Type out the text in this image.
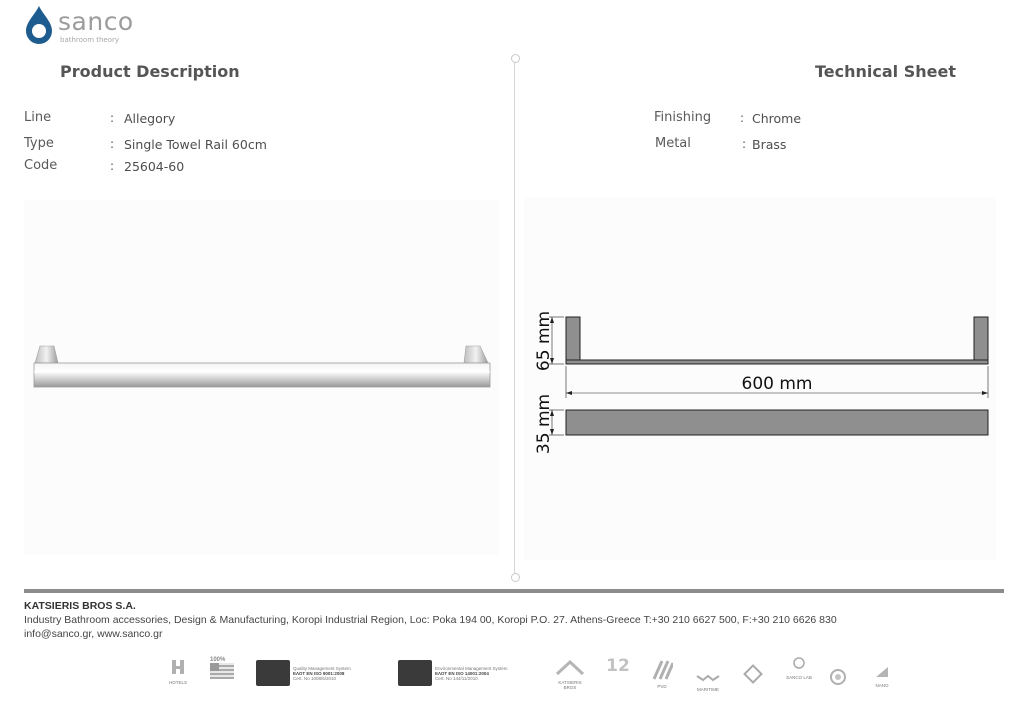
sanco
bathroom theory
Product Description	Technical Sheet
Line	: Allegory
Type	: Single Towel Rail 60cm
Code	: 25604-60
Finishing : Chrome
Metal	: Brass
65 mm
600 mm
35 mm
KATSIERIS BROS S.A.
Industry Bathroom accessories, Design & Manufacturing, Koropi Industrial Region, Loc: Poka 194 00, Koropi P.O. 27. Athens-Greece T:+30 210 6627 500, F:+30 210 6626 830
info@sanco.gr, www.sanco.gr
HOTELS
100%
Quality Management System
ΕΛΟΤ EN ISO 9001:2008
Cert. No 1008/6/2010
Environmental Management System
ΕΛΟΤ EN ISO 14001:2004
Cert. No 144/11/2010
KATSIERIS BROS
12
PVD
MARITIME
SANCO LAB
NANO
